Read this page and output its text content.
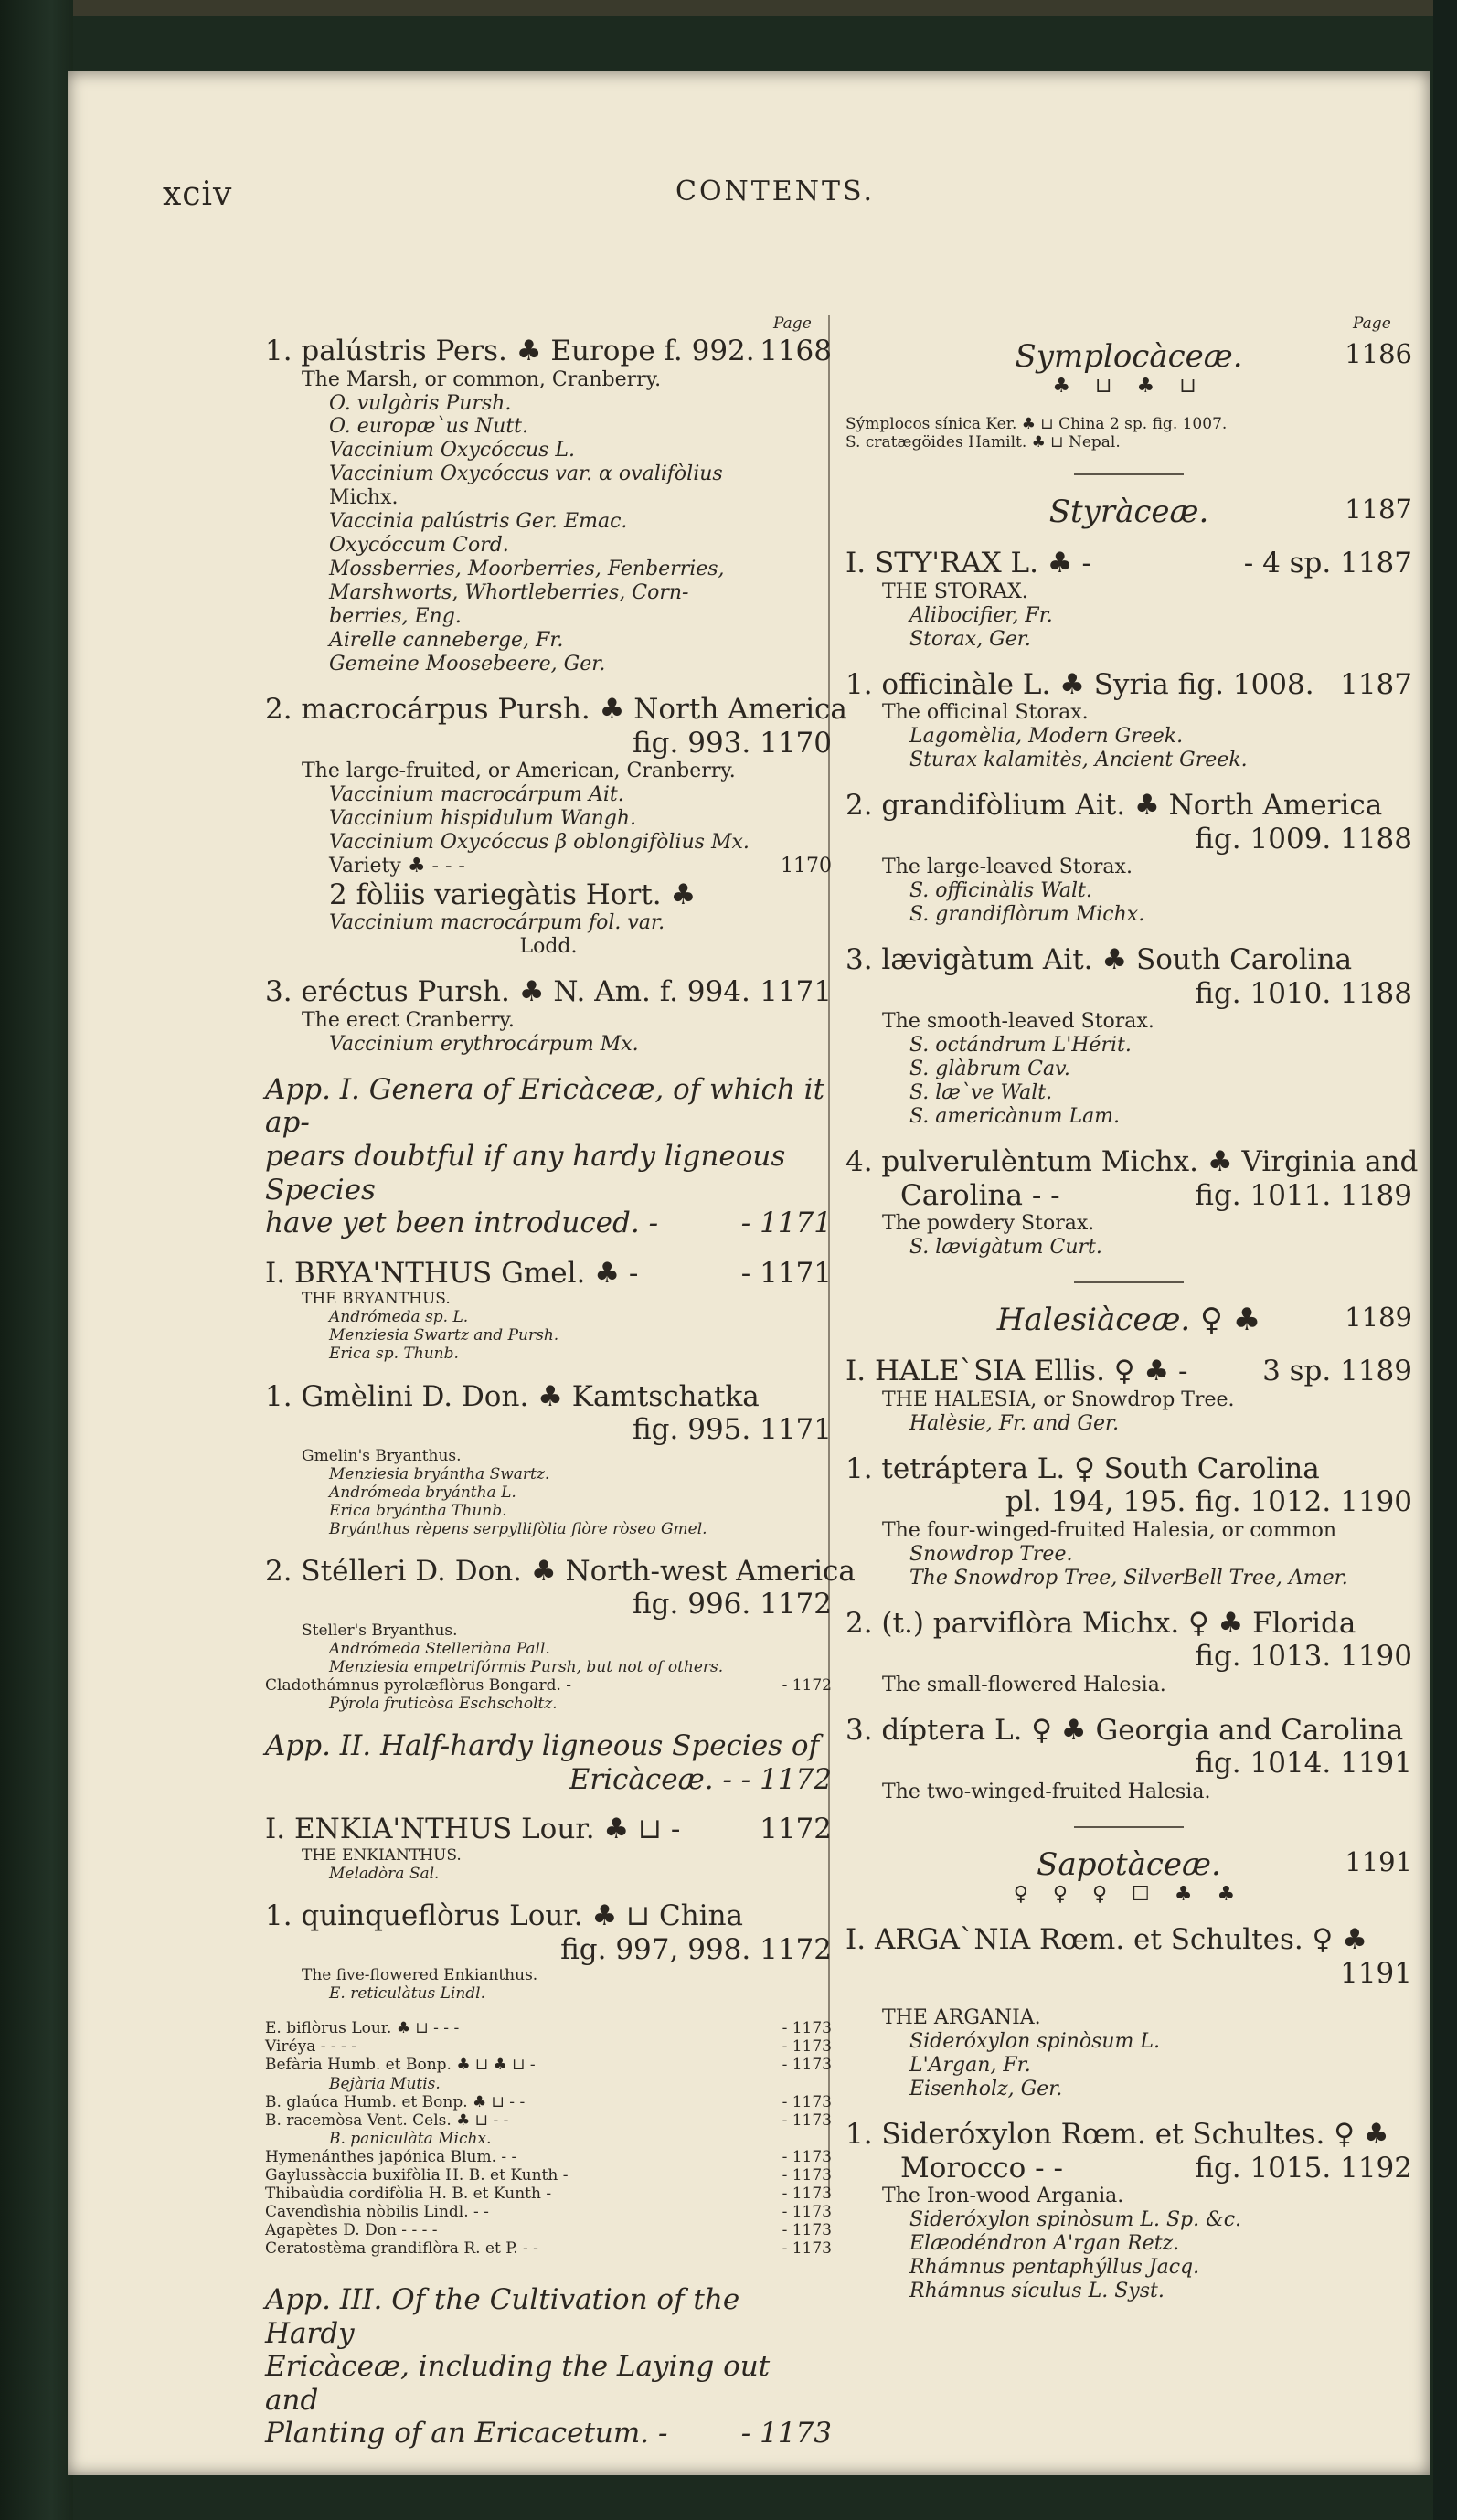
xciv	CONTENTS.
Page	Page
1. palústris Pers. ♣ Europe f. 992. 1168
The Marsh, or common, Cranberry.
O. vulgàris Pursh.
O. europæ`us Nutt.
Vaccinium Oxycóccus L.
Vaccinium Oxycóccus var. α ovalifòlius
Michx.
Vaccinia palústris Ger. Emac.
Oxycóccum Cord.
Mossberries, Moorberries, Fenberries,
Marshworts, Whortleberries, Corn-
berries, Eng.
Airelle canneberge, Fr.
Gemeine Moosebeere, Ger.
2. macrocárpus Pursh. ♣ North America
fig. 993. 1170
The large-fruited, or American, Cranberry.
Vaccinium macrocárpum Ait.
Vaccinium hispidulum Wangh.
Vaccinium Oxycóccus β oblongifòlius Mx.
Variety ♣ - - -	1170
2 fòliis variegàtis Hort. ♣
Vaccinium macrocárpum fol. var.
Lodd.
3. eréctus Pursh. ♣ N. Am. f. 994. 1171
The erect Cranberry.
Vaccinium erythrocárpum Mx.
App. I. Genera of Ericàceæ, of which it ap-
pears doubtful if any hardy ligneous Species
have yet been introduced. -	- 1171
I. BRYA'NTHUS Gmel. ♣ -	- 1171
THE BRYANTHUS.
Andrómeda sp. L.
Menziesia Swartz and Pursh.
Erica sp. Thunb.
1. Gmèlini D. Don. ♣ Kamtschatka
fig. 995. 1171
Gmelin's Bryanthus.
Menziesia bryántha Swartz.
Andrómeda bryántha L.
Erica bryántha Thunb.
Bryánthus rèpens serpyllifòlia flòre ròseo Gmel.
2. Stélleri D. Don. ♣ North-west America
fig. 996. 1172
Steller's Bryanthus.
Andrómeda Stelleriàna Pall.
Menziesia empetrifórmis Pursh, but not of others.
Cladothámnus pyrolæflòrus Bongard. -	- 1172
Pýrola fruticòsa Eschscholtz.
App. II. Half-hardy ligneous Species of
Ericàceæ. - - 1172
I. ENKIA'NTHUS Lour. ♣ ⊔ -	1172
THE ENKIANTHUS.
Meladòra Sal.
1. quinqueflòrus Lour. ♣ ⊔ China
fig. 997, 998. 1172
The five-flowered Enkianthus.
E. reticulàtus Lindl.
E. biflòrus Lour. ♣ ⊔ - - -	- 1173
Viréya - - - -	- 1173
Befària Humb. et Bonp. ♣ ⊔ ♣ ⊔ -	- 1173
Bejària Mutis.
B. glaúca Humb. et Bonp. ♣ ⊔ - -	- 1173
B. racemòsa Vent. Cels. ♣ ⊔ - -	- 1173
B. paniculàta Michx.
Hymenánthes japónica Blum. - -	- 1173
Gaylussàccia buxifòlia H. B. et Kunth -	- 1173
Thibaùdia cordifòlia H. B. et Kunth -	- 1173
Cavendìshia nòbilis Lindl. - -	- 1173
Agapètes D. Don - - - -	- 1173
Ceratostèma grandiflòra R. et P. - -	- 1173
App. III. Of the Cultivation of the Hardy
Ericàceæ, including the Laying out and
Planting of an Ericacetum. -	- 1173
Symplocàceæ.	1186
♣ ⊔ ♣ ⊔
Sýmplocos sínica Ker. ♣ ⊔ China 2 sp. fig. 1007.
S. cratægöides Hamilt. ♣ ⊔ Nepal.
Styràceæ.	1187
I. STY'RAX L. ♣ -	- 4 sp. 1187
THE STORAX.
Alibocifier, Fr.
Storax, Ger.
1. officinàle L. ♣ Syria fig. 1008. 1187
The officinal Storax.
Lagomèlia, Modern Greek.
Sturax kalamitès, Ancient Greek.
2. grandifòlium Ait. ♣ North America
fig. 1009. 1188
The large-leaved Storax.
S. officinàlis Walt.
S. grandiflòrum Michx.
3. lævigàtum Ait. ♣ South Carolina
fig. 1010. 1188
The smooth-leaved Storax.
S. octándrum L'Hérit.
S. glàbrum Cav.
S. læ`ve Walt.
S. americànum Lam.
4. pulverulèntum Michx. ♣ Virginia and
Carolina - -	fig. 1011. 1189
The powdery Storax.
S. lævigàtum Curt.
Halesiàceæ. ♀ ♣	1189
I. HALE`SIA Ellis. ♀ ♣ -	3 sp. 1189
THE HALESIA, or Snowdrop Tree.
Halèsie, Fr. and Ger.
1. tetráptera L. ♀ South Carolina
pl. 194, 195. fig. 1012. 1190
The four-winged-fruited Halesia, or common
Snowdrop Tree.
The Snowdrop Tree, SilverBell Tree, Amer.
2. (t.) parviflòra Michx. ♀ ♣ Florida
fig. 1013. 1190
The small-flowered Halesia.
3. díptera L. ♀ ♣ Georgia and Carolina
fig. 1014. 1191
The two-winged-fruited Halesia.
Sapotàceæ.	1191
♀ ♀ ♀ ☐ ♣ ♣
I. ARGA`NIA Rœm. et Schultes. ♀ ♣
1191
THE ARGANIA.
Sideróxylon spinòsum L.
L'Argan, Fr.
Eisenholz, Ger.
1. Sideróxylon Rœm. et Schultes. ♀ ♣
Morocco - -	fig. 1015. 1192
The Iron-wood Argania.
Sideróxylon spinòsum L. Sp. &c.
Elæodéndron A'rgan Retz.
Rhámnus pentaphýllus Jacq.
Rhámnus sículus L. Syst.
